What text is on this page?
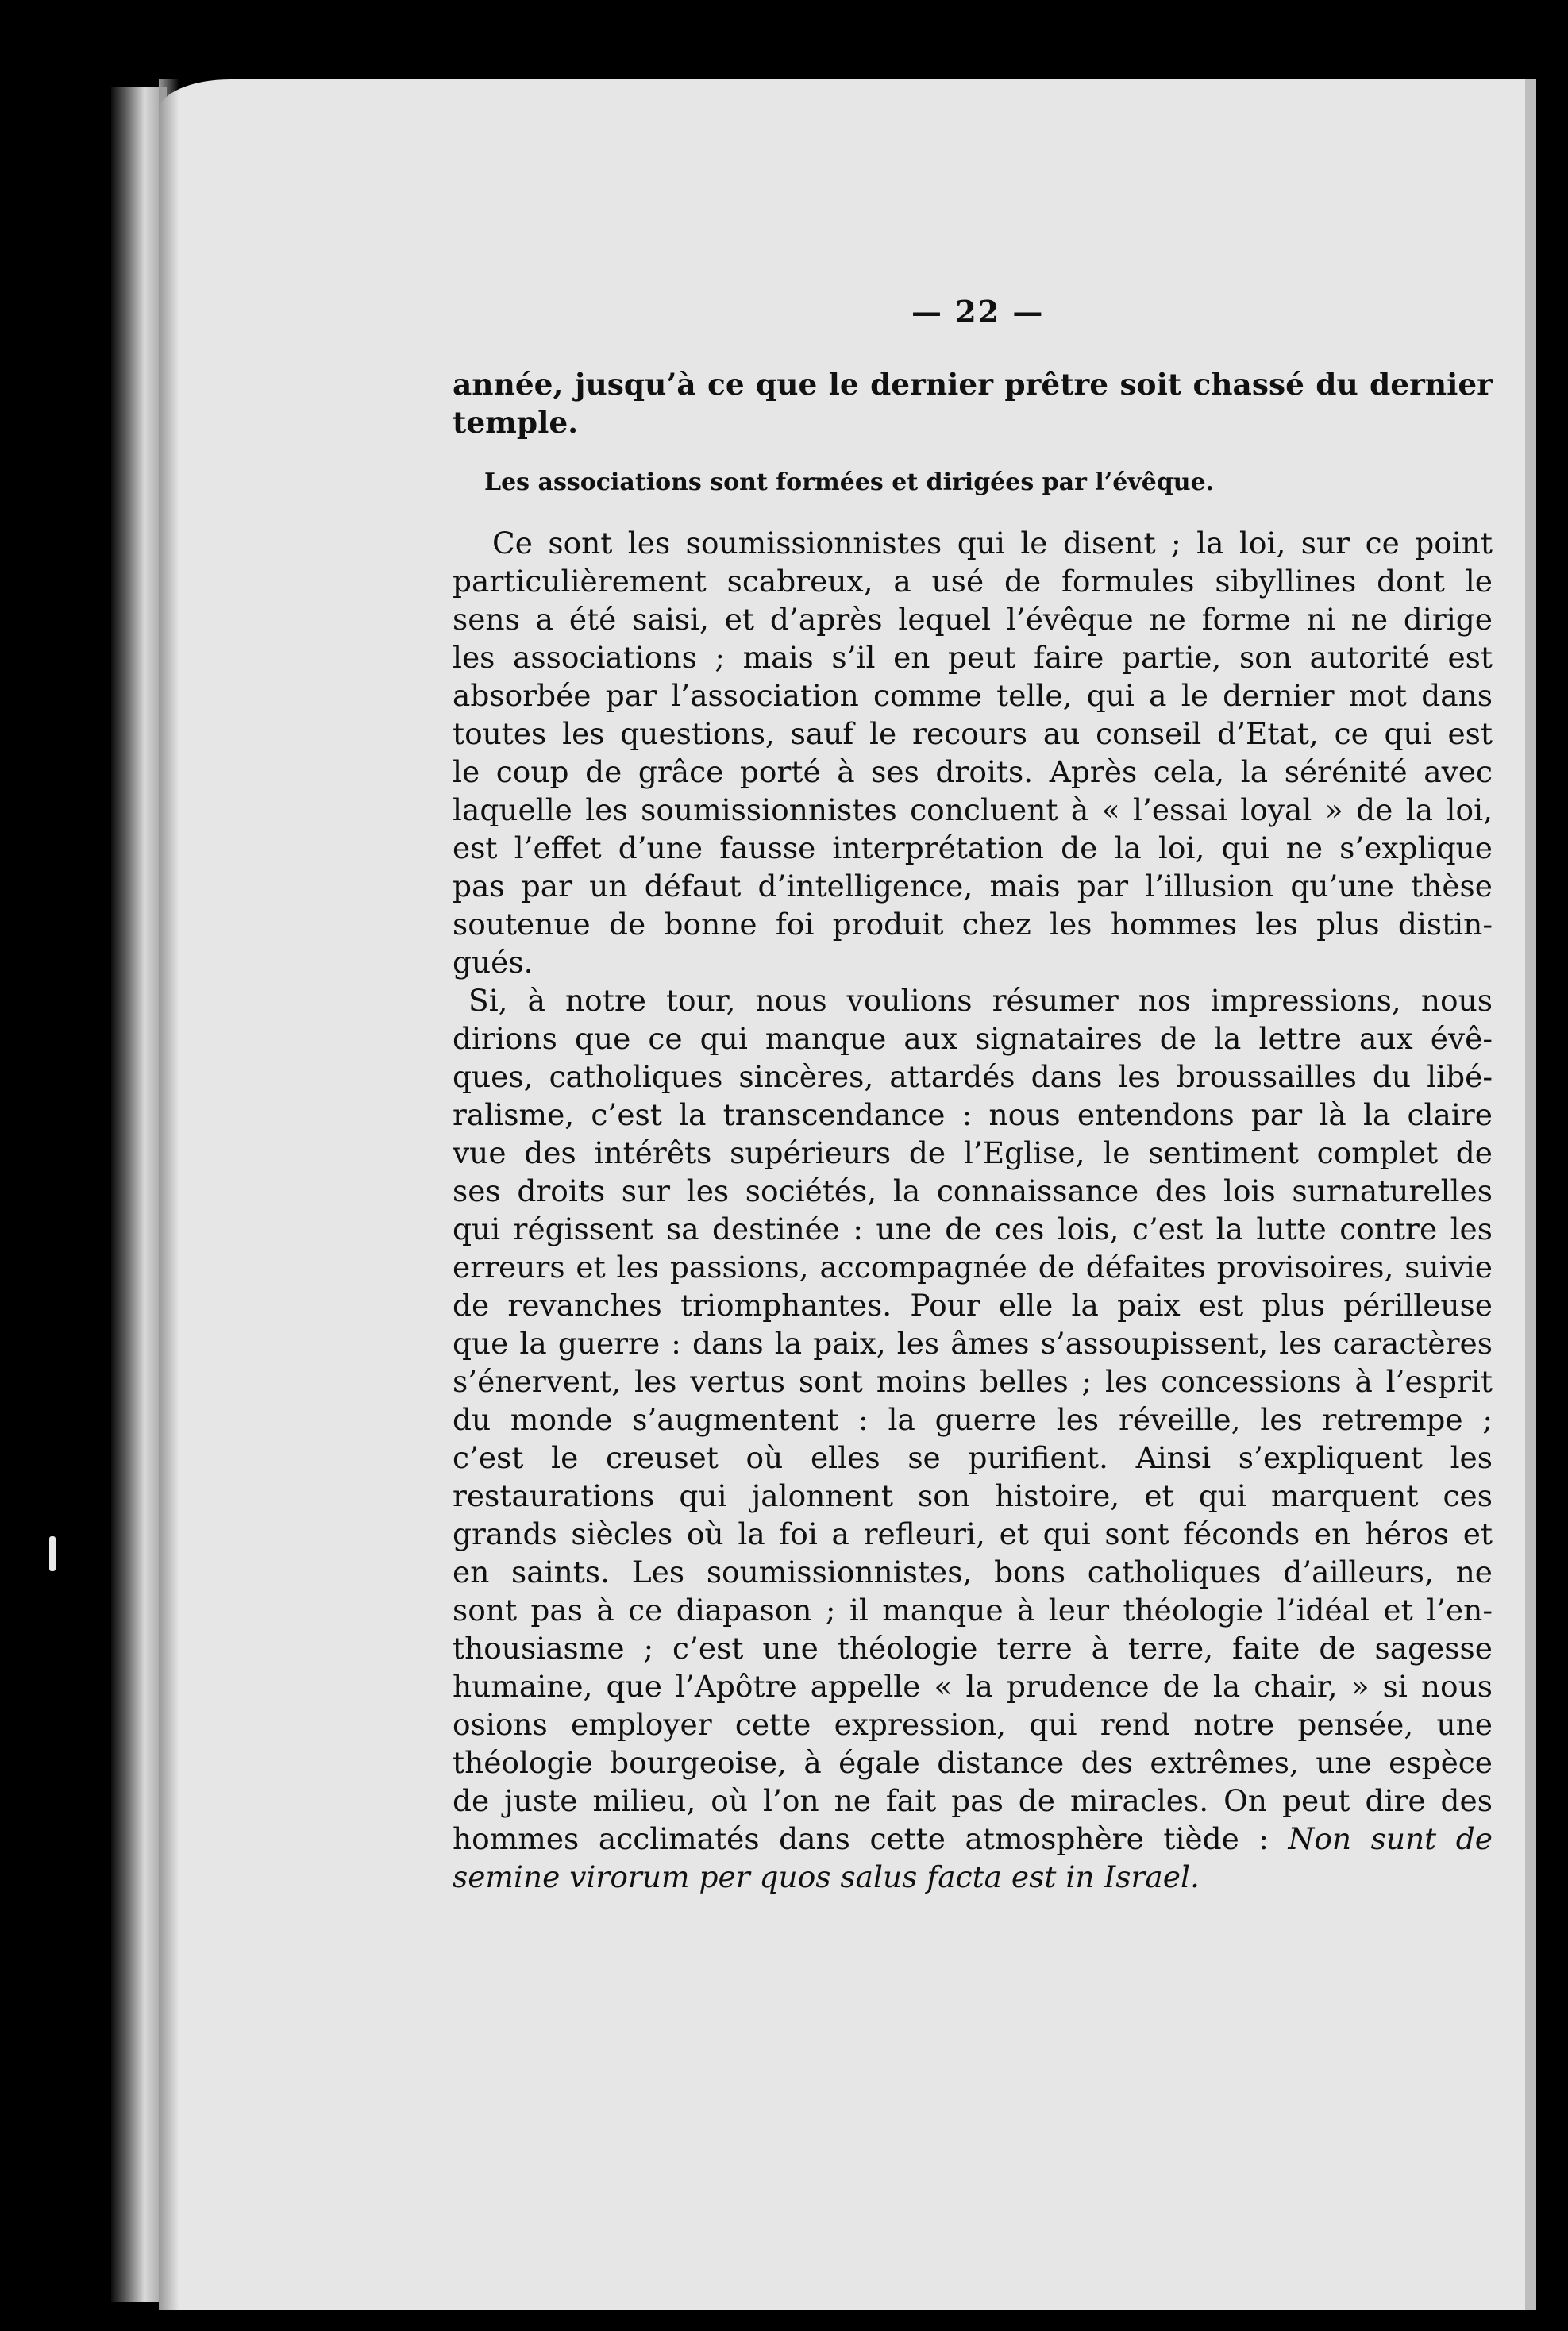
— 22 —
année, jusqu’à ce que le dernier prêtre soit chassé du dernier
temple.
Les associations sont formées et dirigées par l’évêque.
Ce sont les soumissionnistes qui le disent ; la loi, sur ce point
particulièrement scabreux, a usé de formules sibyllines dont le
sens a été saisi, et d’après lequel l’évêque ne forme ni ne dirige
les associations ; mais s’il en peut faire partie, son autorité est
absorbée par l’association comme telle, qui a le dernier mot dans
toutes les questions, sauf le recours au conseil d’Etat, ce qui est
le coup de grâce porté à ses droits. Après cela, la sérénité avec
laquelle les soumissionnistes concluent à « l’essai loyal » de la loi,
est l’effet d’une fausse interprétation de la loi, qui ne s’explique
pas par un défaut d’intelligence, mais par l’illusion qu’une thèse
soutenue de bonne foi produit chez les hommes les plus distin-
gués.
Si, à notre tour, nous voulions résumer nos impressions, nous
dirions que ce qui manque aux signataires de la lettre aux évê-
ques, catholiques sincères, attardés dans les broussailles du libé-
ralisme, c’est la transcendance : nous entendons par là la claire
vue des intérêts supérieurs de l’Eglise, le sentiment complet de
ses droits sur les sociétés, la connaissance des lois surnaturelles
qui régissent sa destinée : une de ces lois, c’est la lutte contre les
erreurs et les passions, accompagnée de défaites provisoires, suivie
de revanches triomphantes. Pour elle la paix est plus périlleuse
que la guerre : dans la paix, les âmes s’assoupissent, les caractères
s’énervent, les vertus sont moins belles ; les concessions à l’esprit
du monde s’augmentent : la guerre les réveille, les retrempe ;
c’est le creuset où elles se purifient. Ainsi s’expliquent les
restaurations qui jalonnent son histoire, et qui marquent ces
grands siècles où la foi a refleuri, et qui sont féconds en héros et
en saints. Les soumissionnistes, bons catholiques d’ailleurs, ne
sont pas à ce diapason ; il manque à leur théologie l’idéal et l’en-
thousiasme ; c’est une théologie terre à terre, faite de sagesse
humaine, que l’Apôtre appelle « la prudence de la chair, » si nous
osions employer cette expression, qui rend notre pensée, une
théologie bourgeoise, à égale distance des extrêmes, une espèce
de juste milieu, où l’on ne fait pas de miracles. On peut dire des
hommes acclimatés dans cette atmosphère tiède : Non sunt de
semine virorum per quos salus facta est in Israel.
